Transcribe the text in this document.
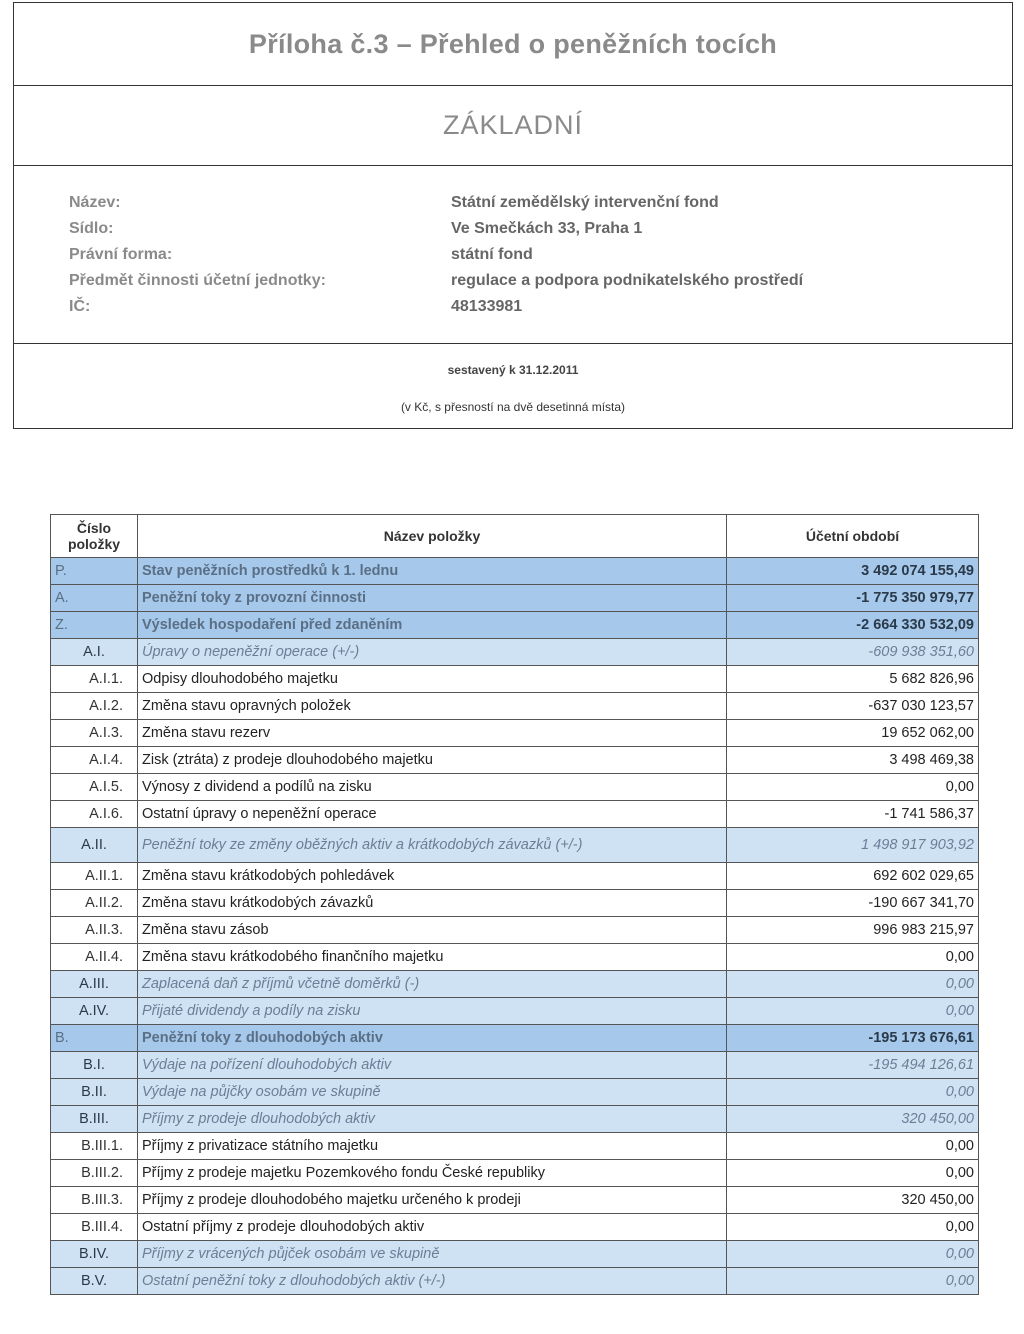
Příloha č.3 – Přehled o peněžních tocích
ZÁKLADNÍ
Název:	Státní zemědělský intervenční fond
Sídlo:	Ve Smečkách 33, Praha 1
Právní forma:	státní fond
Předmět činnosti účetní jednotky:	regulace a podpora podnikatelského prostředí
IČ:	48133981
sestavený k 31.12.2011
(v Kč, s přesností na dvě desetinná místa)
Číslo položky	Název položky	Účetní období
P.	Stav peněžních prostředků k 1. lednu	3 492 074 155,49
A.	Peněžní toky z provozní činnosti	-1 775 350 979,77
Z.	Výsledek hospodaření před zdaněním	-2 664 330 532,09
A.I.	Úpravy o nepeněžní operace (+/-)	-609 938 351,60
A.I.1.	Odpisy dlouhodobého majetku	5 682 826,96
A.I.2.	Změna stavu opravných položek	-637 030 123,57
A.I.3.	Změna stavu rezerv	19 652 062,00
A.I.4.	Zisk (ztráta) z prodeje dlouhodobého majetku	3 498 469,38
A.I.5.	Výnosy z dividend a podílů na zisku	0,00
A.I.6.	Ostatní úpravy o nepeněžní operace	-1 741 586,37
A.II.	Peněžní toky ze změny oběžných aktiv a krátkodobých závazků (+/-)	1 498 917 903,92
A.II.1.	Změna stavu krátkodobých pohledávek	692 602 029,65
A.II.2.	Změna stavu krátkodobých závazků	-190 667 341,70
A.II.3.	Změna stavu zásob	996 983 215,97
A.II.4.	Změna stavu krátkodobého finančního majetku	0,00
A.III.	Zaplacená daň z příjmů včetně doměrků (-)	0,00
A.IV.	Přijaté dividendy a podíly na zisku	0,00
B.	Peněžní toky z dlouhodobých aktiv	-195 173 676,61
B.I.	Výdaje na pořízení dlouhodobých aktiv	-195 494 126,61
B.II.	Výdaje na půjčky osobám ve skupině	0,00
B.III.	Příjmy z prodeje dlouhodobých aktiv	320 450,00
B.III.1.	Příjmy z privatizace státního majetku	0,00
B.III.2.	Příjmy z prodeje majetku Pozemkového fondu České republiky	0,00
B.III.3.	Příjmy z prodeje dlouhodobého majetku určeného k prodeji	320 450,00
B.III.4.	Ostatní příjmy z prodeje dlouhodobých aktiv	0,00
B.IV.	Příjmy z vrácených půjček osobám ve skupině	0,00
B.V.	Ostatní peněžní toky z dlouhodobých aktiv (+/-)	0,00
